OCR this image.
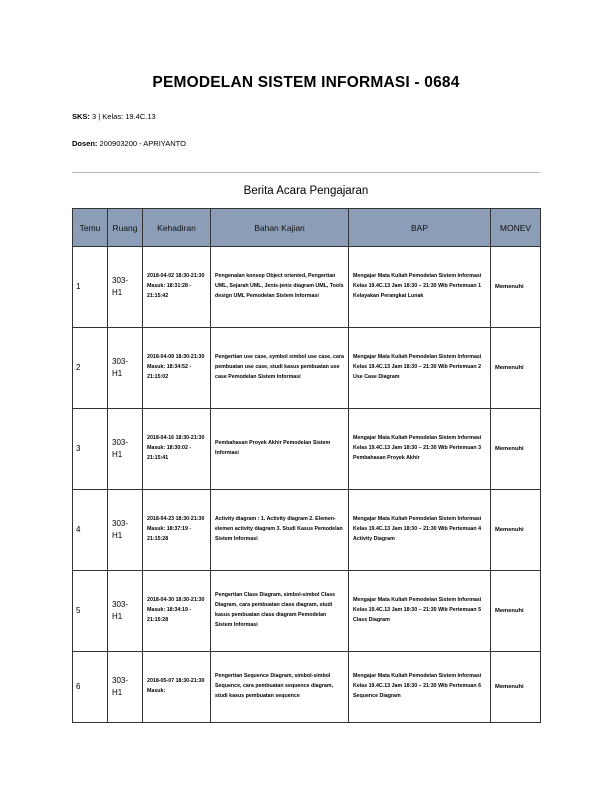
PEMODELAN SISTEM INFORMASI - 0684
SKS: 3 | Kelas: 19.4C.13
Dosen: 200903200 - APRIYANTO
Berita Acara Pengajaran
Temu	Ruang	Kehadiran	Bahan Kajian	BAP	MONEV
1	303-H1	2018-04-02 18:30-21:30 Masuk: 18:31:28 - 21:15:42	Pengenalan konsep Object oriented, Pengertian UML, Sejarah UML, Jenis-jenis diagram UML, Tools design UML Pemodelan Sistem Informasi	Mengajar Mata Kuliah Pemodelan Sistem Informasi Kelas 19.4C.13 Jam 18:30 – 21:30 Wib Pertemuan 1 Kelayakan Perangkat Lunak	Memenuhi
2	303-H1	2018-04-09 18:30-21:30 Masuk: 18:34:52 - 21:15:02	Pengertian use case, symbol simbol use case, cara pembuatan use case, studi kasus pembuatan use case Pemodelan Sistem Informasi	Mengajar Mata Kuliah Pemodelan Sistem Informasi Kelas 19.4C.13 Jam 18:30 – 21:30 Wib Pertemuan 2 Use Case Diagram	Memenuhi
3	303-H1	2018-04-16 18:30-21:30 Masuk: 18:30:02 - 21:15:41	Pembahasan Proyek Akhir Pemodelan Sistem Informasi	Mengajar Mata Kuliah Pemodelan Sistem Informasi Kelas 19.4C.13 Jam 18:30 – 21:30 Wib Pertemuan 3 Pembahasan Proyek Akhir	Memenuhi
4	303-H1	2018-04-23 18:30-21:30 Masuk: 18:37:19 - 21:15:28	Activity diagram : 1. Activity diagram 2. Elemen-elemen activity diagram 3. Studi Kasus Pemodelan Sistem Informasi	Mengajar Mata Kuliah Pemodelan Sistem Informasi Kelas 19.4C.13 Jam 18:30 – 21:30 Wib Pertemuan 4 Activity Diagram	Memenuhi
5	303-H1	2018-04-30 18:30-21:30 Masuk: 18:34:19 - 21:15:28	Pengertian Class Diagram, simbol-simbol Class Diagram, cara pembuatan class diagram, studi kasus pembuatan class diagram Pemodelan Sistem Informasi	Mengajar Mata Kuliah Pemodelan Sistem Informasi Kelas 19.4C.13 Jam 18:30 – 21:30 Wib Pertemuan 5 Class Diagram	Memenuhi
6	303-H1	2018-05-07 18:30-21:30 Masuk:	Pengertian Sequence Diagram, simbol-simbol Sequence, cara pembuatan sequence diagram, studi kasus pembuatan sequence	Mengajar Mata Kuliah Pemodelan Sistem Informasi Kelas 19.4C.13 Jam 18:30 – 21:30 Wib Pertemuan 6 Sequence Diagram	Memenuhi
